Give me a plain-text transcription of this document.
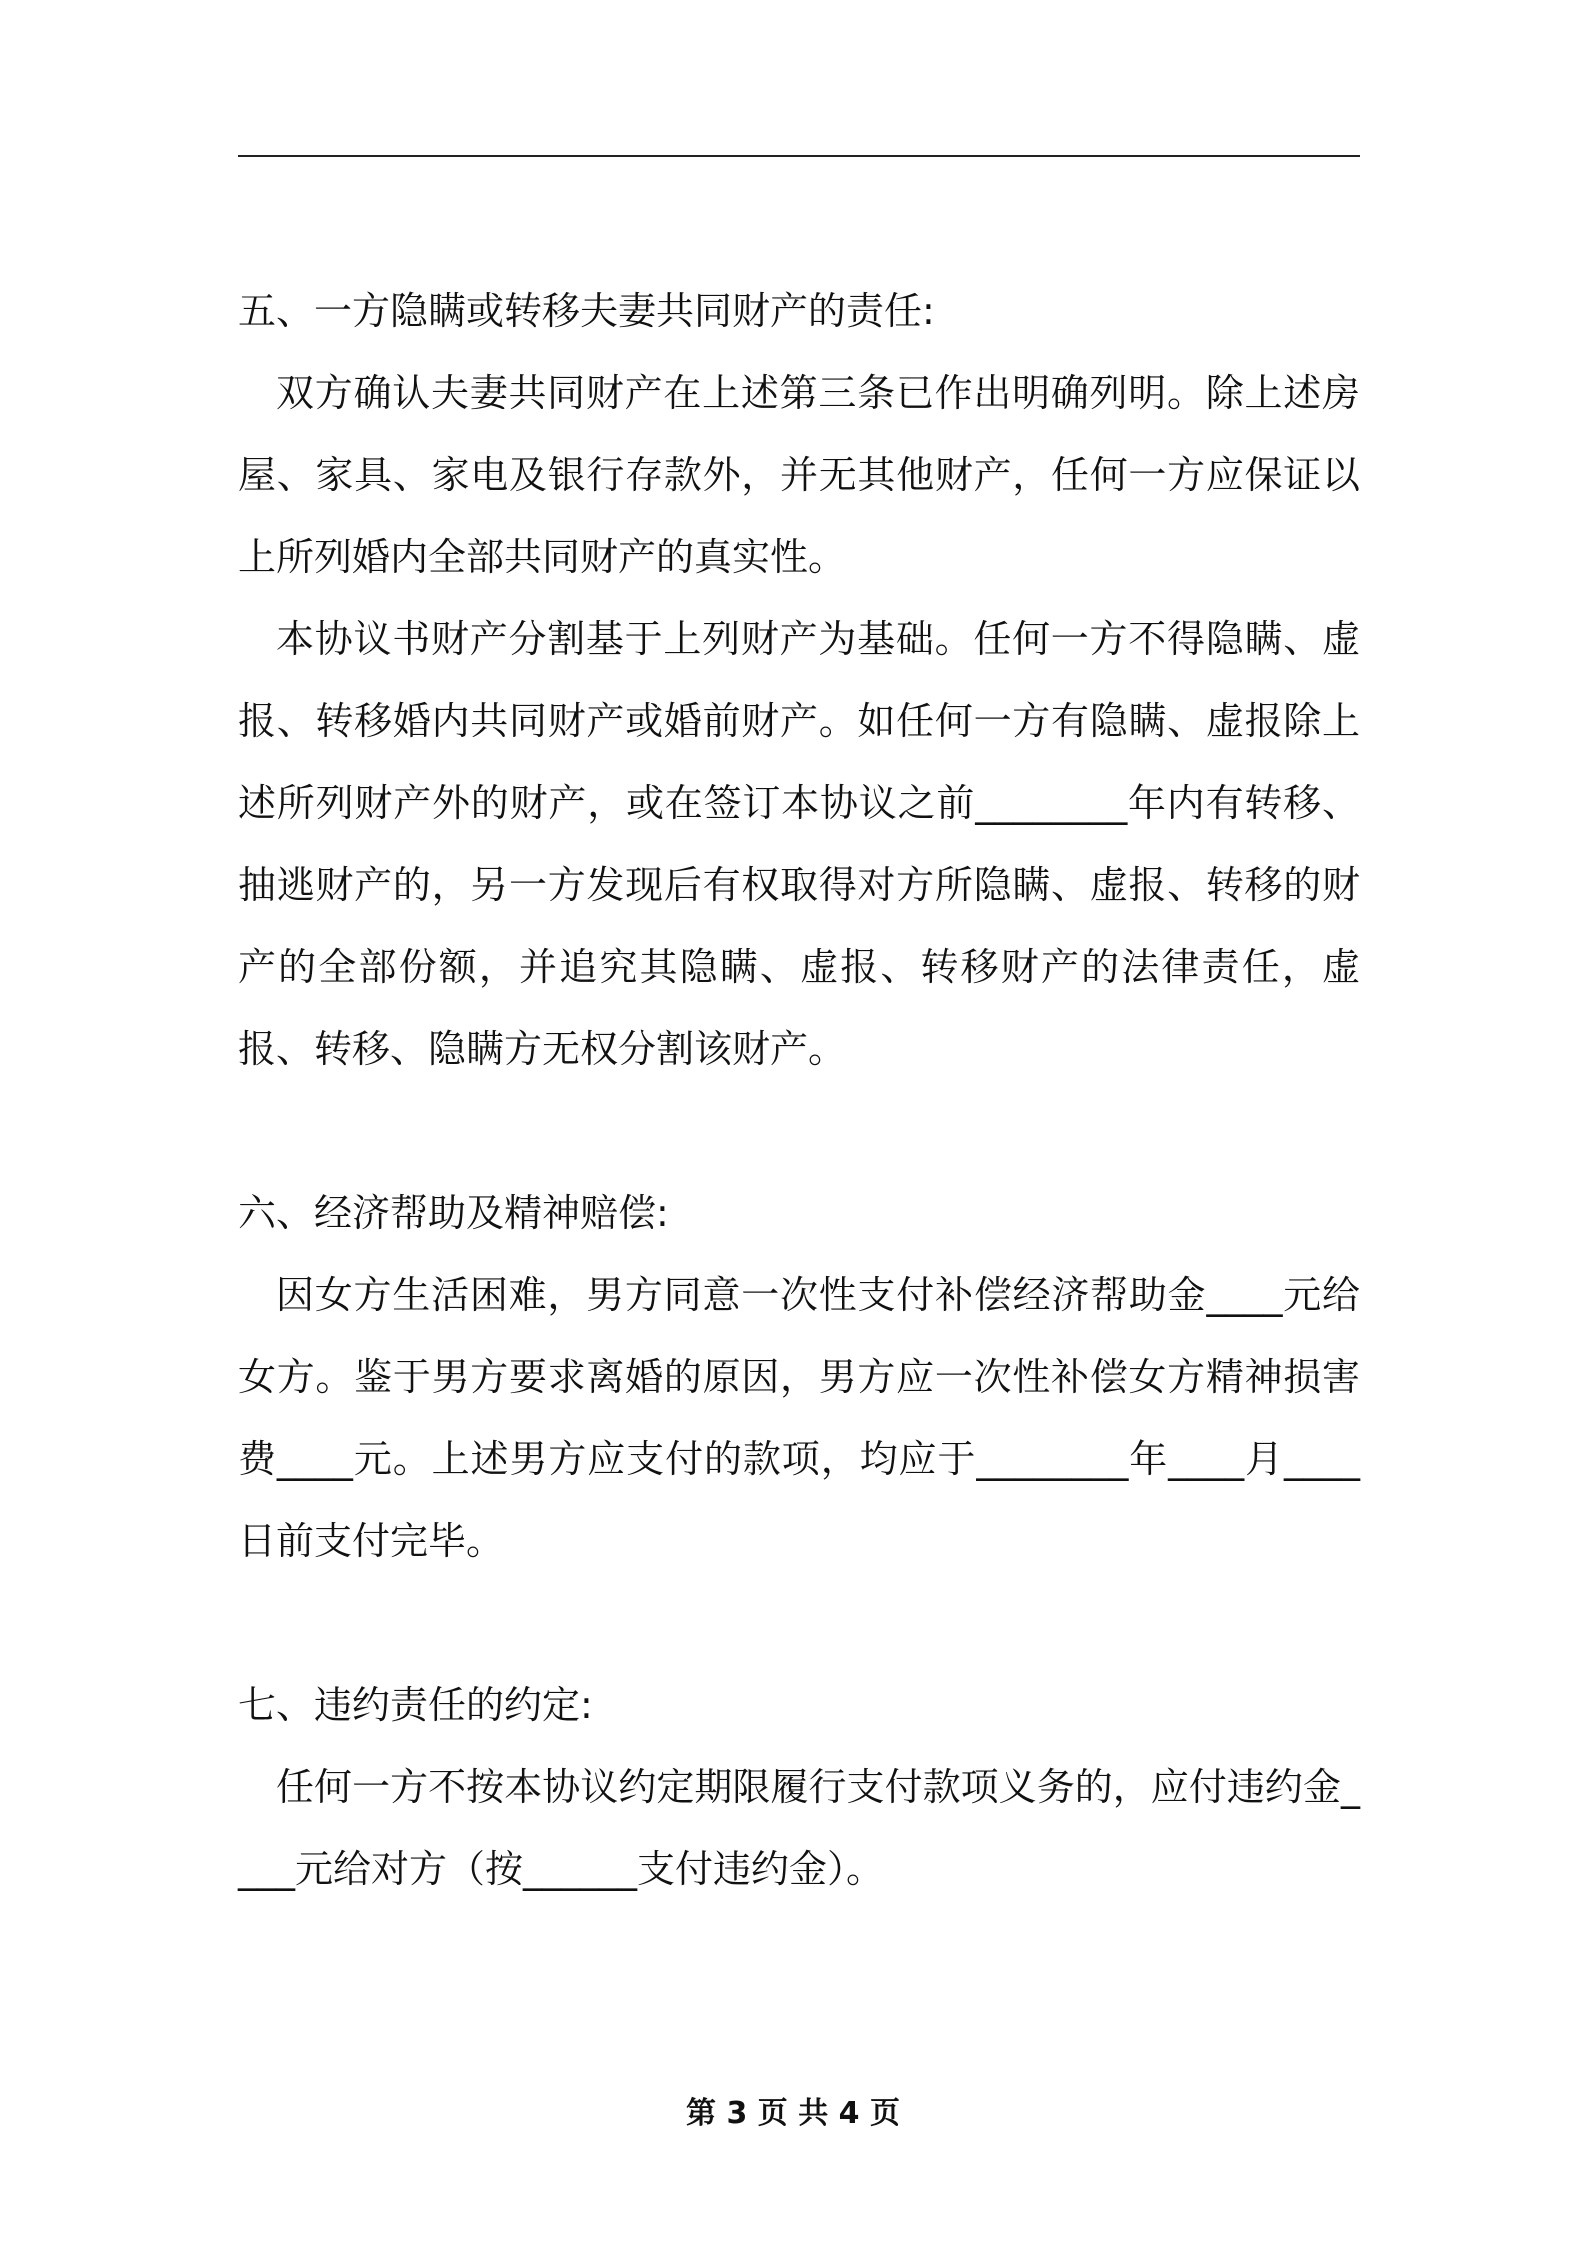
五、一方隐瞒或转移夫妻共同财产的责任:

双方确认夫妻共同财产在上述第三条已作出明确列明。除上述房屋、家具、家电及银行存款外，并无其他财产，任何一方应保证以上所列婚内全部共同财产的真实性。

本协议书财产分割基于上列财产为基础。任何一方不得隐瞒、虚报、转移婚内共同财产或婚前财产。如任何一方有隐瞒、虚报除上述所列财产外的财产，或在签订本协议之前________年内有转移、抽逃财产的，另一方发现后有权取得对方所隐瞒、虚报、转移的财产的全部份额，并追究其隐瞒、虚报、转移财产的法律责任，虚报、转移、隐瞒方无权分割该财产。

六、经济帮助及精神赔偿:

因女方生活困难，男方同意一次性支付补偿经济帮助金____元给女方。鉴于男方要求离婚的原因，男方应一次性补偿女方精神损害费____元。上述男方应支付的款项，均应于________年____月____日前支付完毕。

七、违约责任的约定:

任何一方不按本协议约定期限履行支付款项义务的，应付违约金____元给对方（按______支付违约金）。

第 3 页 共 4 页
